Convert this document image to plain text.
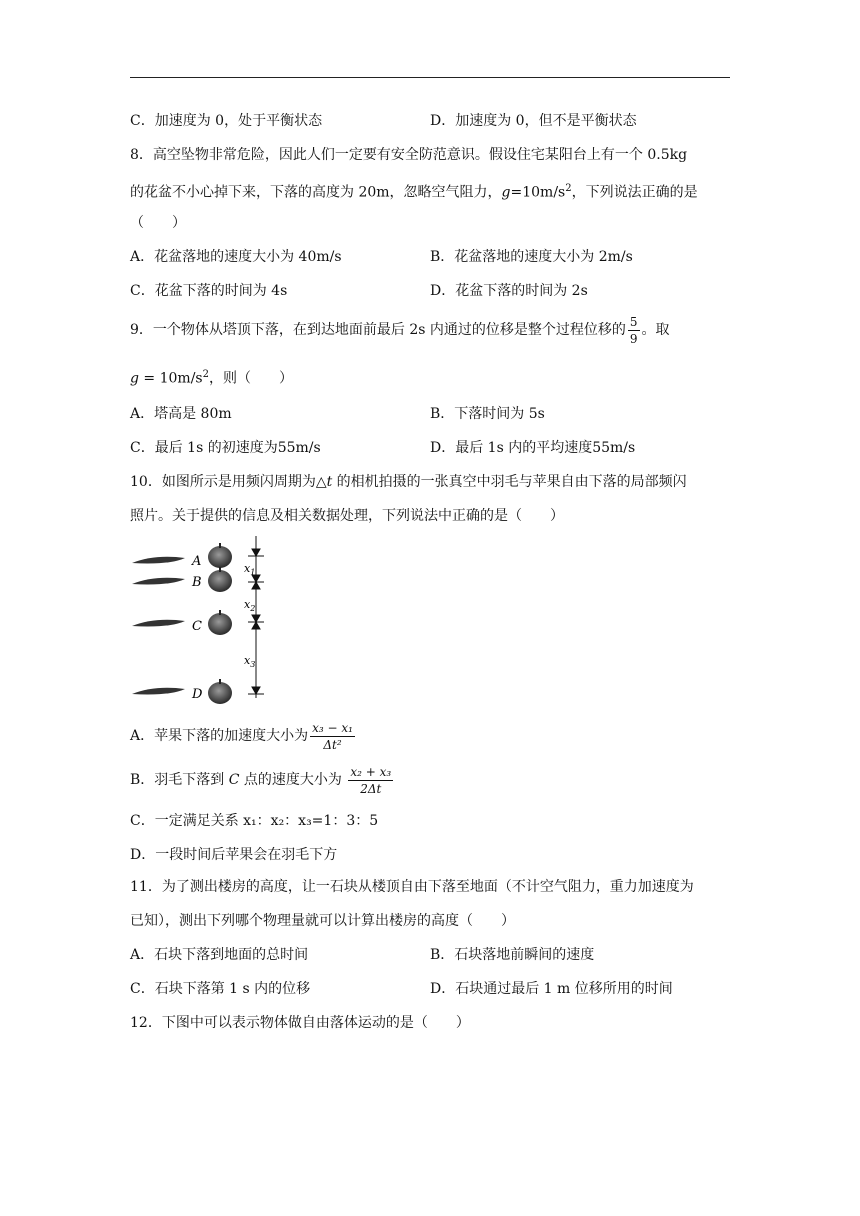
C．加速度为 0，处于平衡状态	D．加速度为 0，但不是平衡状态
8．高空坠物非常危险，因此人们一定要有安全防范意识。假设住宅某阳台上有一个 0.5kg
的花盆不小心掉下来，下落的高度为 20m，忽略空气阻力，$g=10m/s^2$，下列说法正确的是
（　　）
A．花盆落地的速度大小为 40m/s	B．花盆落地的速度大小为 2m/s
C．花盆下落的时间为 4s	D．花盆下落的时间为 2s
9．一个物体从塔顶下落，在到达地面前最后 2s 内通过的位移是整个过程位移的 $\frac{5}{9}$ 。取
$g = 10m/s^2$，则（　　）
A．塔高是 80m	B．下落时间为 5s
C．最后 1s 的初速度为55m/s	D．最后 1s 内的平均速度55m/s
10．如图所示是用频闪周期为△t 的相机拍摄的一张真空中羽毛与苹果自由下落的局部频闪
照片。关于提供的信息及相关数据处理，下列说法中正确的是（　　）
A
B
C
D
$x_1$
$x_2$
$x_3$
A．苹果下落的加速度大小为 $\frac{\text{x₃ − x₁}}{\text{Δt²}}$
B．羽毛下落到 C 点的速度大小为 $\frac{\text{x₂ + x₃}}{2\Delta t}$
C．一定满足关系 x₁：x₂：x₃=1：3：5
D．一段时间后苹果会在羽毛下方
11．为了测出楼房的高度，让一石块从楼顶自由下落至地面（不计空气阻力，重力加速度为
已知），测出下列哪个物理量就可以计算出楼房的高度（　　）
A．石块下落到地面的总时间	B．石块落地前瞬间的速度
C．石块下落第 1 s 内的位移	D．石块通过最后 1 m 位移所用的时间
12．下图中可以表示物体做自由落体运动的是（　　）
